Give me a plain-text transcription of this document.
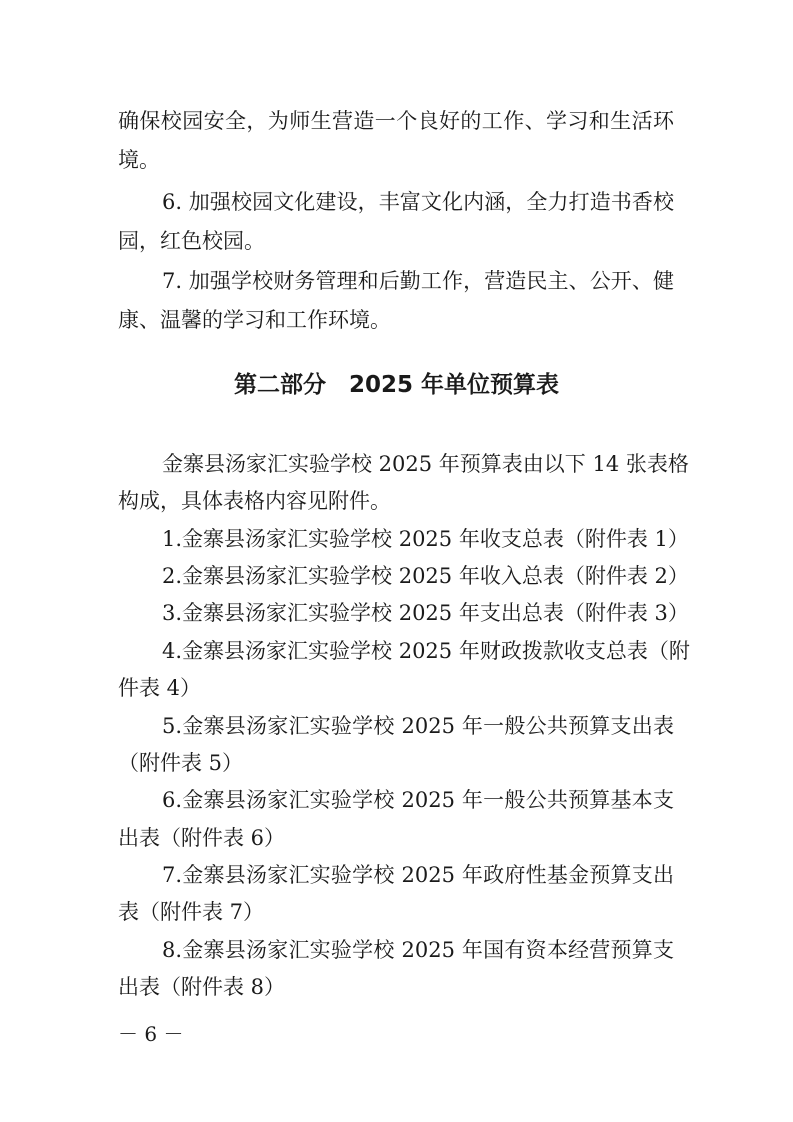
确保校园安全，为师生营造一个良好的工作、学习和生活环
境。
6. 加强校园文化建设，丰富文化内涵，全力打造书香校
园，红色校园。
7. 加强学校财务管理和后勤工作，营造民主、公开、健
康、温馨的学习和工作环境。
第二部分　2025 年单位预算表
金寨县汤家汇实验学校 2025 年预算表由以下 14 张表格
构成，具体表格内容见附件。
1.金寨县汤家汇实验学校 2025 年收支总表（附件表 1）
2.金寨县汤家汇实验学校 2025 年收入总表（附件表 2）
3.金寨县汤家汇实验学校 2025 年支出总表（附件表 3）
4.金寨县汤家汇实验学校 2025 年财政拨款收支总表（附
件表 4）
5.金寨县汤家汇实验学校 2025 年一般公共预算支出表
（附件表 5）
6.金寨县汤家汇实验学校 2025 年一般公共预算基本支
出表（附件表 6）
7.金寨县汤家汇实验学校 2025 年政府性基金预算支出
表（附件表 7）
8.金寨县汤家汇实验学校 2025 年国有资本经营预算支
出表（附件表 8）
－ 6 －
